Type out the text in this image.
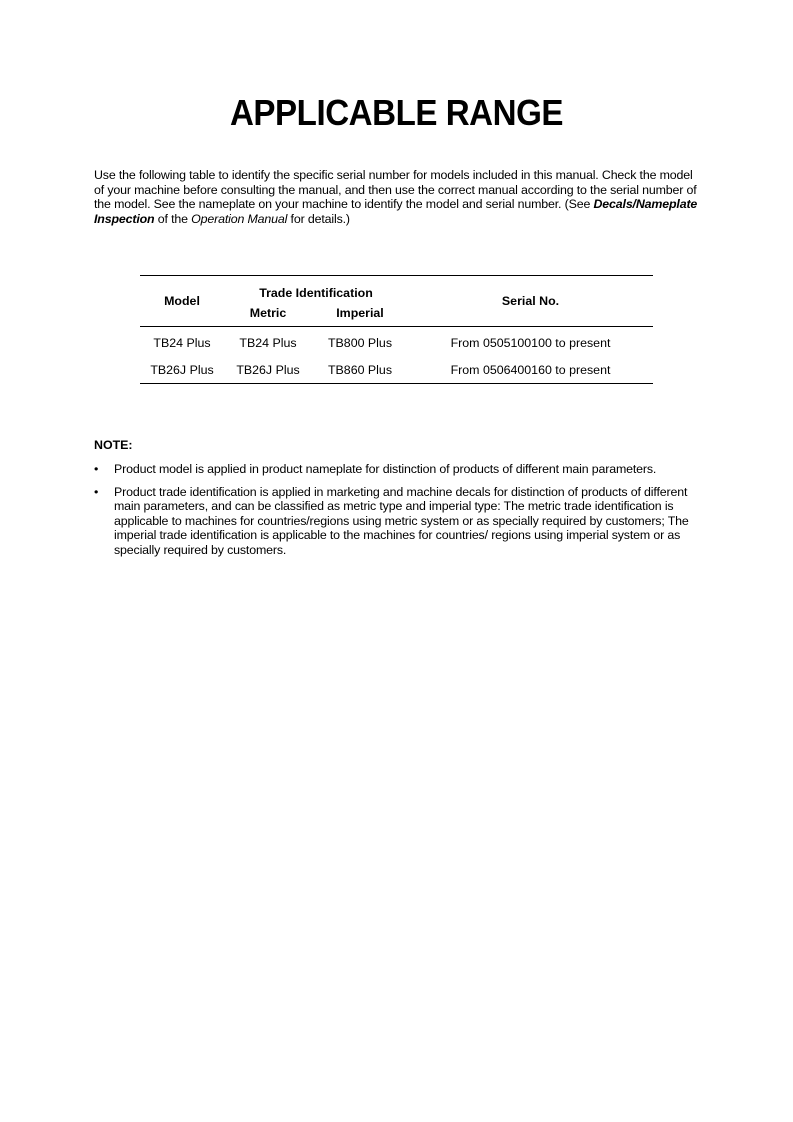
APPLICABLE RANGE

Use the following table to identify the specific serial number for models included in this manual. Check the model of your machine before consulting the manual, and then use the correct manual according to the serial number of the model. See the nameplate on your machine to identify the model and serial number. (See Decals/Nameplate Inspection of the Operation Manual for details.)

Model	Trade Identification		Serial No.
	Metric	Imperial	
TB24 Plus	TB24 Plus	TB800 Plus	From 0505100100 to present
TB26J Plus	TB26J Plus	TB860 Plus	From 0506400160 to present
NOTE:
• Product model is applied in product nameplate for distinction of products of different main parameters.
• Product trade identification is applied in marketing and machine decals for distinction of products of different main parameters, and can be classified as metric type and imperial type: The metric trade identification is applicable to machines for countries/regions using metric system or as specially required by customers; The imperial trade identification is applicable to the machines for countries/ regions using imperial system or as specially required by customers.
